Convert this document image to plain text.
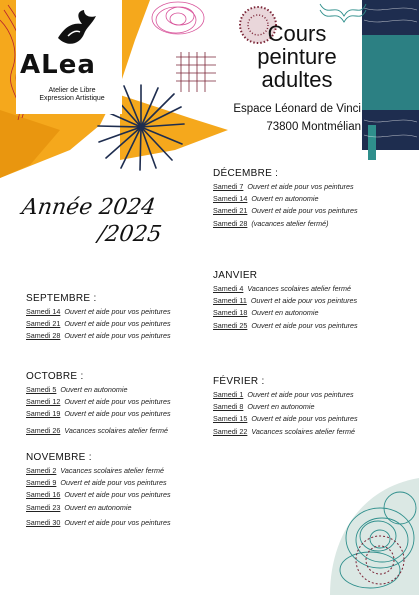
ALea
Atelier de Libre
Expression Artistique
Cours
peinture
adultes
Espace Léonard de Vinci
73800 Montmélian
Année 2024
/2025
SEPTEMBRE :
Samedi 14 Ouvert et aide pour vos peintures
Samedi 21 Ouvert et aide pour vos peintures
Samedi 28 Ouvert et aide pour vos peintures
OCTOBRE :
Samedi 5 Ouvert en autonomie
Samedi 12 Ouvert et aide pour vos peintures
Samedi 19 Ouvert et aide pour vos peintures
Samedi 26 Vacances scolaires atelier fermé
NOVEMBRE :
Samedi 2 Vacances scolaires atelier fermé
Samedi 9 Ouvert et aide pour vos peintures
Samedi 16 Ouvert et aide pour vos peintures
Samedi 23 Ouvert en autonomie
Samedi 30 Ouvert et aide pour vos peintures
DÉCEMBRE :
Samedi 7 Ouvert et aide pour vos peintures
Samedi 14 Ouvert en autonomie
Samedi 21 Ouvert et aide pour vos peintures
Samedi 28 (vacances atelier fermé)
JANVIER
Samedi 4 Vacances scolaires atelier fermé
Samedi 11 Ouvert et aide pour vos peintures
Samedi 18 Ouvert en autonomie
Samedi 25 Ouvert et aide pour vos peintures
FÉVRIER :
Samedi 1 Ouvert et aide pour vos peintures
Samedi 8 Ouvert en autonomie
Samedi 15 Ouvert et aide pour vos peintures
Samedi 22 Vacances scolaires atelier fermé
